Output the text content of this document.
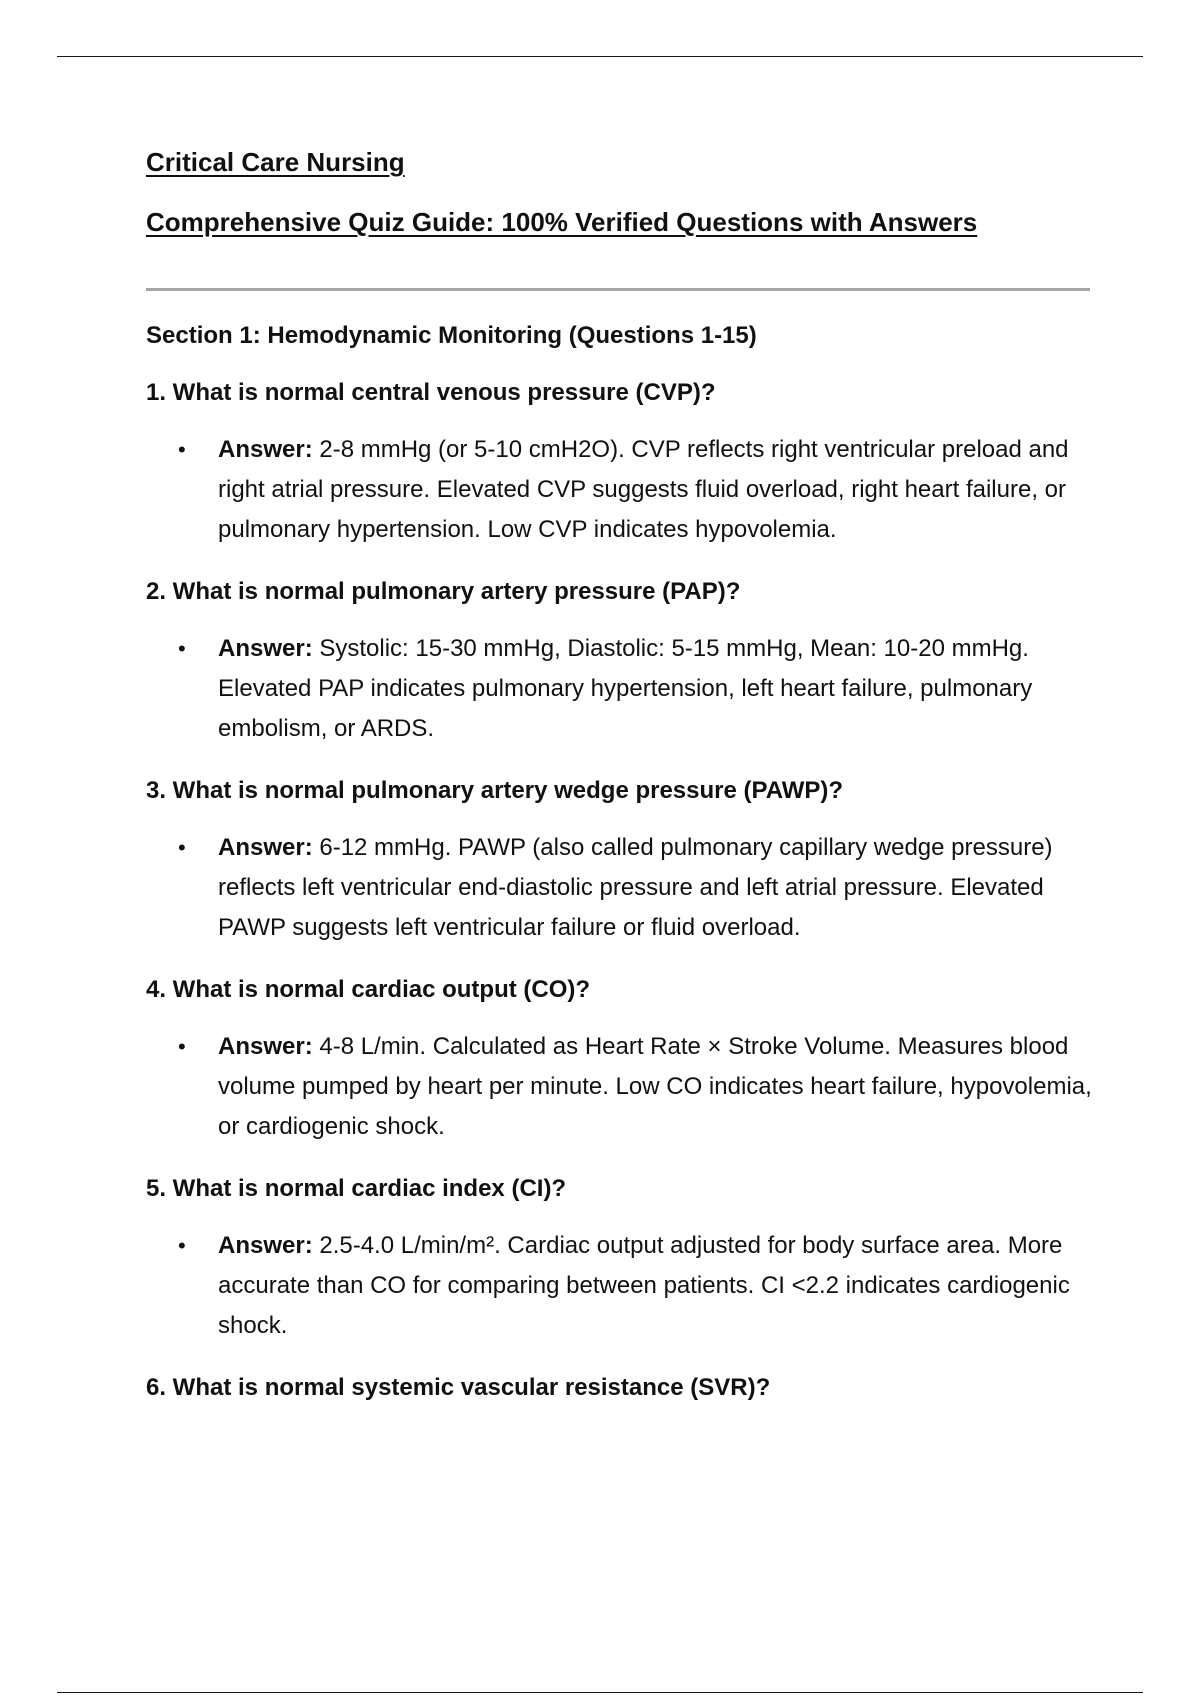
Critical Care Nursing

Comprehensive Quiz Guide: 100% Verified Questions with Answers

Section 1: Hemodynamic Monitoring (Questions 1-15)

1. What is normal central venous pressure (CVP)?

• Answer: 2-8 mmHg (or 5-10 cmH2O). CVP reflects right ventricular preload and right atrial pressure. Elevated CVP suggests fluid overload, right heart failure, or pulmonary hypertension. Low CVP indicates hypovolemia.

2. What is normal pulmonary artery pressure (PAP)?

• Answer: Systolic: 15-30 mmHg, Diastolic: 5-15 mmHg, Mean: 10-20 mmHg. Elevated PAP indicates pulmonary hypertension, left heart failure, pulmonary embolism, or ARDS.

3. What is normal pulmonary artery wedge pressure (PAWP)?

• Answer: 6-12 mmHg. PAWP (also called pulmonary capillary wedge pressure) reflects left ventricular end-diastolic pressure and left atrial pressure. Elevated PAWP suggests left ventricular failure or fluid overload.

4. What is normal cardiac output (CO)?

• Answer: 4-8 L/min. Calculated as Heart Rate × Stroke Volume. Measures blood volume pumped by heart per minute. Low CO indicates heart failure, hypovolemia, or cardiogenic shock.

5. What is normal cardiac index (CI)?

• Answer: 2.5-4.0 L/min/m². Cardiac output adjusted for body surface area. More accurate than CO for comparing between patients. CI <2.2 indicates cardiogenic shock.

6. What is normal systemic vascular resistance (SVR)?
